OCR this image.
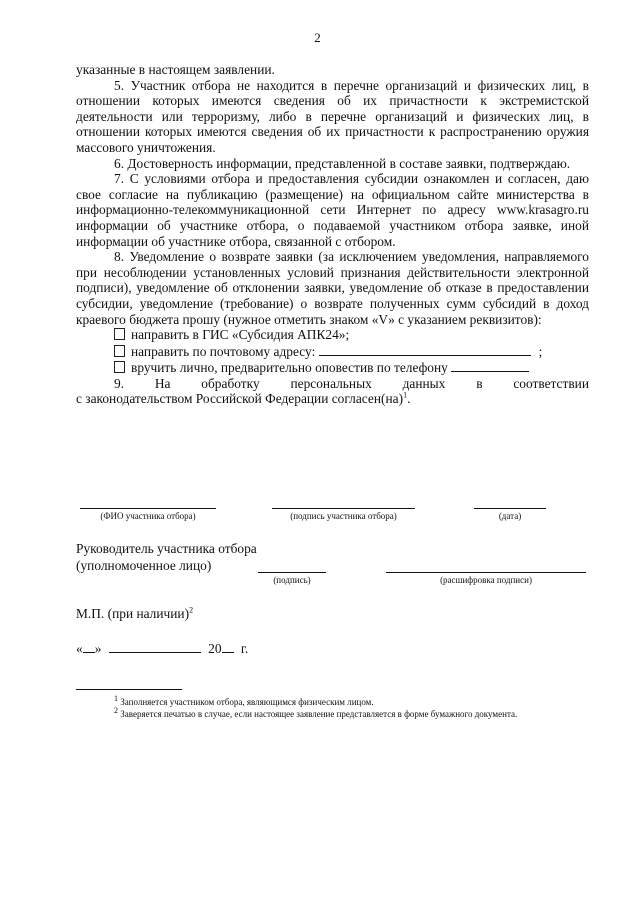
2

указанные в настоящем заявлении.

5. Участник отбора не находится в перечне организаций и физических лиц, в отношении которых имеются сведения об их причастности к экстремистской деятельности или терроризму, либо в перечне организаций и физических лиц, в отношении которых имеются сведения об их причастности к распространению оружия массового уничтожения.

6. Достоверность информации, представленной в составе заявки, подтверждаю.

7. С условиями отбора и предоставления субсидии ознакомлен и согласен, даю свое согласие на публикацию (размещение) на официальном сайте министерства в информационно-телекоммуникационной сети Интернет по адресу www.krasagro.ru информации об участнике отбора, о подаваемой участником отбора заявке, иной информации об участнике отбора, связанной с отбором.

8. Уведомление о возврате заявки (за исключением уведомления, направляемого при несоблюдении установленных условий признания действительности электронной подписи), уведомление об отклонении заявки, уведомление об отказе в предоставлении субсидии, уведомление (требование) о возврате полученных сумм субсидий в доход краевого бюджета прошу (нужное отметить знаком «V» с указанием реквизитов):

направить в ГИС «Субсидия АПК24»;

направить по почтовому адресу:	;

вручить лично, предварительно оповестив по телефону

9. На обработку персональных данных в соответствии

с законодательством Российской Федерации согласен(на)$^1$.

(ФИО участника отбора)	(подпись участника отбора)	(дата)
Руководитель участника отбора
(уполномоченное лицо)
(подпись)	(расшифровка подписи)
М.П. (при наличии)$^2$
« »	20 г.

$^1$ Заполняется участником отбора, являющимся физическим лицом.

$^2$ Заверяется печатью в случае, если настоящее заявление представляется в форме бумажного документа.
